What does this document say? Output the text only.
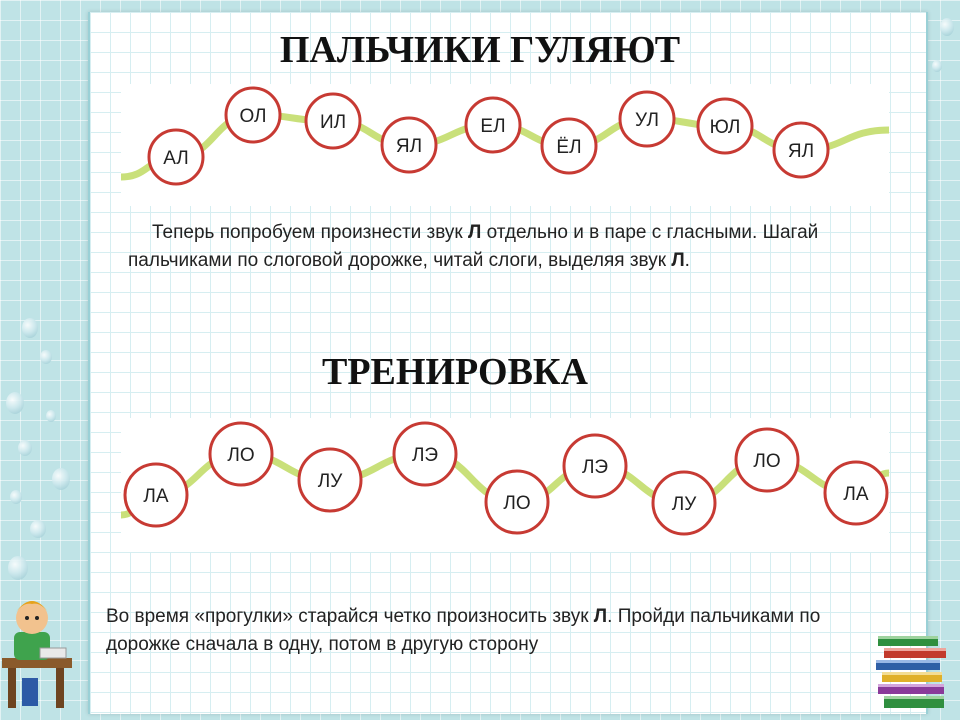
ПАЛЬЧИКИ ГУЛЯЮТ
АЛ
ОЛ	ИЛ
ЯЛ
ЕЛ
ЁЛ
УЛ	ЮЛ
ЯЛ
Теперь попробуем произнести звук Л отдельно и в паре с гласными. Шагай пальчиками по слоговой дорожке, читай слоги, выделяя звук Л.
ТРЕНИРОВКА
ЛА
ЛО
ЛУ
ЛЭ
ЛО
ЛЭ
ЛУ
ЛО
ЛА
Во время «прогулки» старайся четко произносить звук Л. Пройди пальчиками по дорожке сначала в одну, потом в другую сторону
